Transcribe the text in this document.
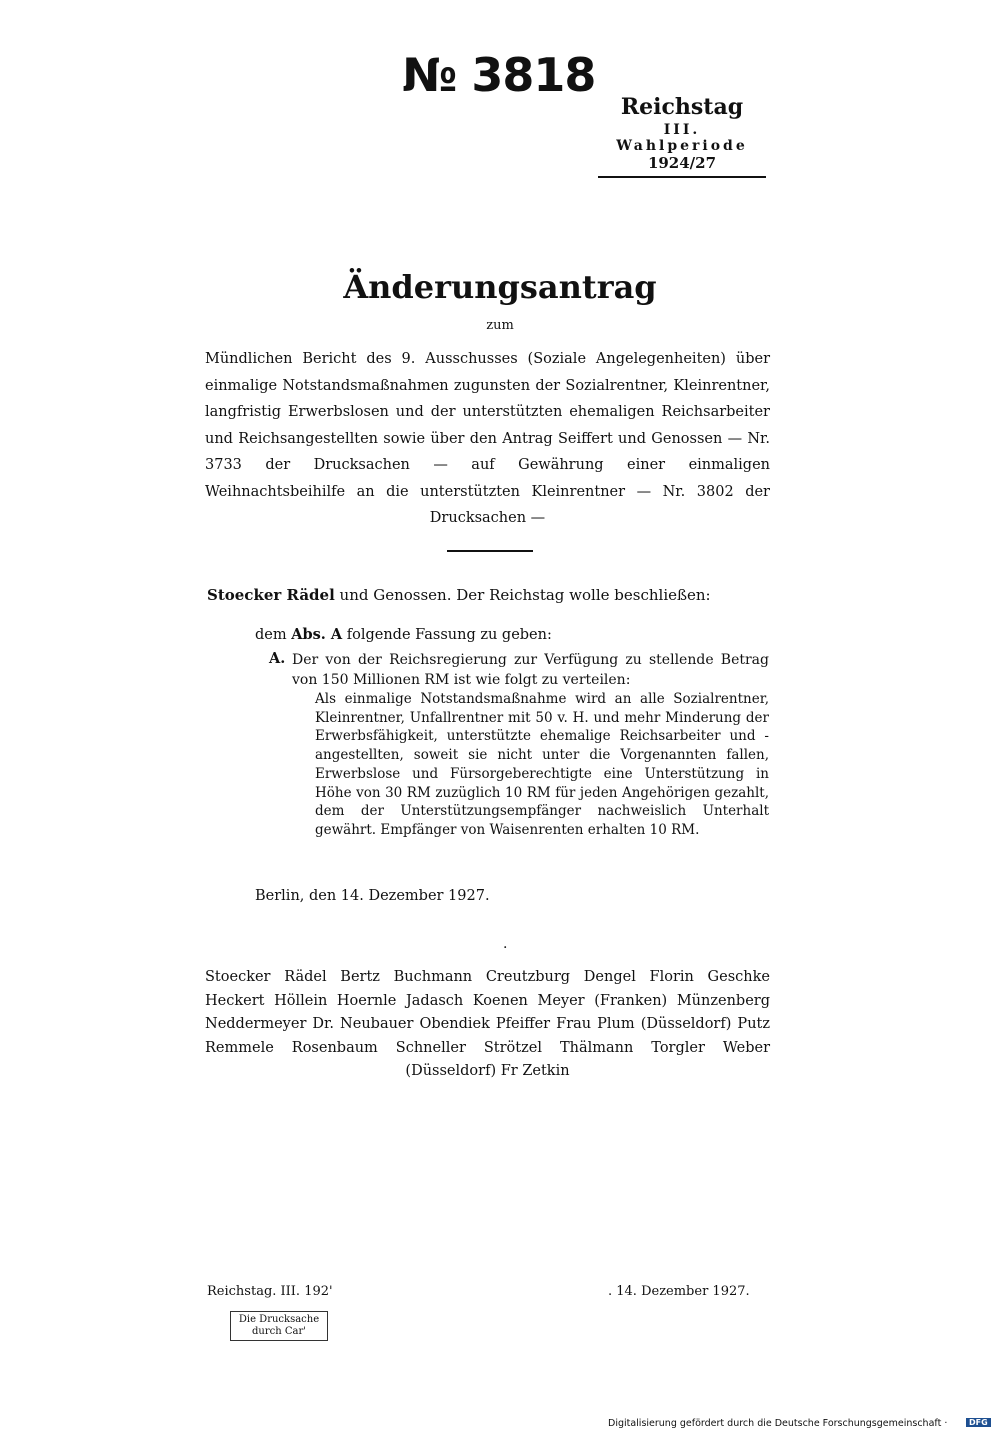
№ 3818
Reichstag
III. Wahlperiode
1924/27
Änderungsantrag
zum
Mündlichen Bericht des 9. Ausschusses (Soziale Angelegenheiten) über einmalige Notstandsmaßnahmen zugunsten der Sozialrentner, Kleinrentner, langfristig Erwerbslosen und der unterstützten ehemaligen Reichsarbeiter und Reichsangestellten sowie über den Antrag Seiffert und Genossen — Nr. 3733 der Drucksachen — auf Gewährung einer einmaligen Weihnachtsbeihilfe an die unterstützten Kleinrentner — Nr. 3802 der Drucksachen —
Stoecker Rädel und Genossen. Der Reichstag wolle beschließen:
dem Abs. A folgende Fassung zu geben:
A. Der von der Reichsregierung zur Verfügung zu stellende Betrag von 150 Millionen RM ist wie folgt zu verteilen:
Als einmalige Notstandsmaßnahme wird an alle Sozialrentner, Kleinrentner, Unfallrentner mit 50 v. H. und mehr Minderung der Erwerbsfähigkeit, unterstützte ehemalige Reichsarbeiter und -angestellten, soweit sie nicht unter die Vorgenannten fallen, Erwerbslose und Fürsorgeberechtigte eine Unterstützung in Höhe von 30 RM zuzüglich 10 RM für jeden Angehörigen gezahlt, dem der Unterstützungsempfänger nachweislich Unterhalt gewährt. Empfänger von Waisenrenten erhalten 10 RM.
Berlin, den 14. Dezember 1927.
·
Stoecker Rädel Bertz Buchmann Creutzburg Dengel Florin Geschke Heckert Höllein Hoernle Jadasch Koenen Meyer (Franken) Münzenberg Neddermeyer Dr. Neubauer Obendiek Pfeiffer Frau Plum (Düsseldorf) Putz Remmele Rosenbaum Schneller Strötzel Thälmann Torgler Weber (Düsseldorf) Fr Zetkin
Reichstag. III. 192'	. 14. Dezember 1927.
Die Drucksache
durch Car'
Digitalisierung gefördert durch die Deutsche Forschungsgemeinschaft ·	DFG
